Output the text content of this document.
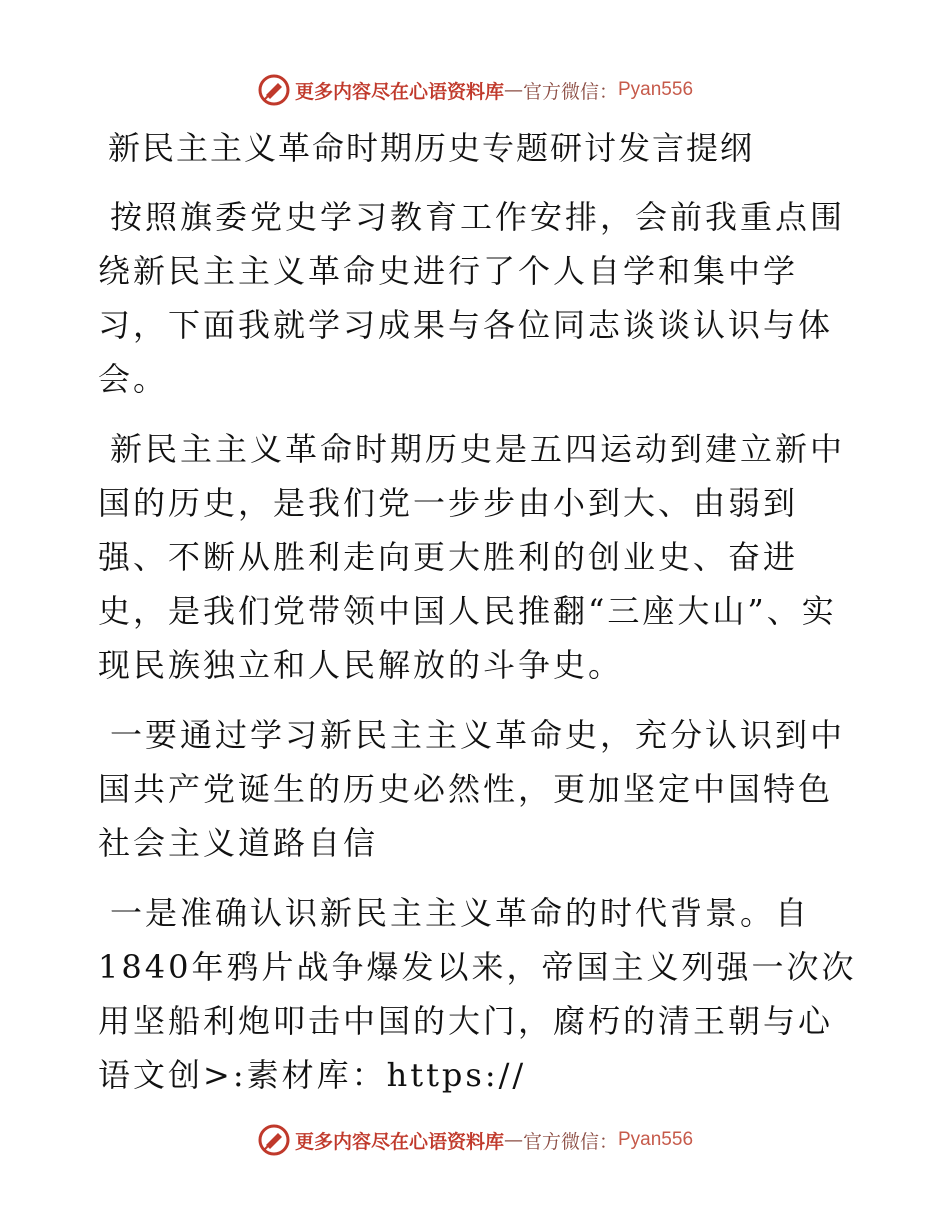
更多内容尽在心语资料库 — 官方微信： Pyan556
新民主主义革命时期历史专题研讨发言提纲

按照旗委党史学习教育工作安排，会前我重点围绕新民主主义革命史进行了个人自学和集中学习，下面我就学习成果与各位同志谈谈认识与体会。

新民主主义革命时期历史是五四运动到建立新中国的历史，是我们党一步步由小到大、由弱到强、不断从胜利走向更大胜利的创业史、奋进史，是我们党带领中国人民推翻“三座大山”、实现民族独立和人民解放的斗争史。

一要通过学习新民主主义革命史，充分认识到中国共产党诞生的历史必然性，更加坚定中国特色社会主义道路自信

一是准确认识新民主主义革命的时代背景。自1840年鸦片战争爆发以来，帝国主义列强一次次用坚船利炮叩击中国的大门，腐朽的清王朝与心语文创>:素材库：https://

更多内容尽在心语资料库 — 官方微信： Pyan556
